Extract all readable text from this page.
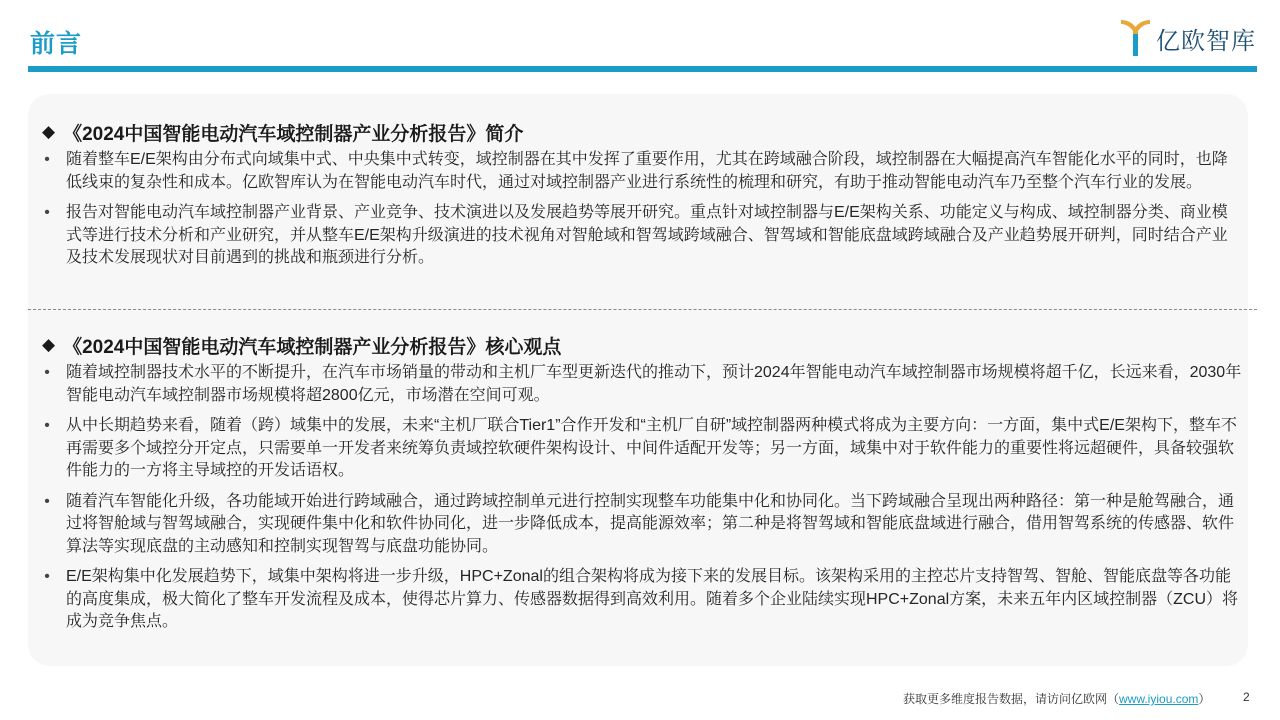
前言	亿欧智库
◆ 《2024中国智能电动汽车域控制器产业分析报告》简介
• 随着整车E/E架构由分布式向域集中式、中央集中式转变，域控制器在其中发挥了重要作用，尤其在跨域融合阶段，域控制器在大幅提高汽车智能化水平的同时，也降低线束的复杂性和成本。亿欧智库认为在智能电动汽车时代，通过对域控制器产业进行系统性的梳理和研究，有助于推动智能电动汽车乃至整个汽车行业的发展。
• 报告对智能电动汽车域控制器产业背景、产业竞争、技术演进以及发展趋势等展开研究。重点针对域控制器与E/E架构关系、功能定义与构成、域控制器分类、商业模式等进行技术分析和产业研究，并从整车E/E架构升级演进的技术视角对智舱域和智驾域跨域融合、智驾域和智能底盘域跨域融合及产业趋势展开研判，同时结合产业及技术发展现状对目前遇到的挑战和瓶颈进行分析。
◆ 《2024中国智能电动汽车域控制器产业分析报告》核心观点
• 随着域控制器技术水平的不断提升，在汽车市场销量的带动和主机厂车型更新迭代的推动下，预计2024年智能电动汽车域控制器市场规模将超千亿，长远来看，2030年智能电动汽车域控制器市场规模将超2800亿元，市场潜在空间可观。
• 从中长期趋势来看，随着（跨）域集中的发展，未来“主机厂联合Tier1”合作开发和“主机厂自研”域控制器两种模式将成为主要方向：一方面，集中式E/E架构下，整车不再需要多个域控分开定点，只需要单一开发者来统筹负责域控软硬件架构设计、中间件适配开发等；另一方面，域集中对于软件能力的重要性将远超硬件，具备较强软件能力的一方将主导域控的开发话语权。
• 随着汽车智能化升级，各功能域开始进行跨域融合，通过跨域控制单元进行控制实现整车功能集中化和协同化。当下跨域融合呈现出两种路径：第一种是舱驾融合，通过将智舱域与智驾域融合，实现硬件集中化和软件协同化，进一步降低成本，提高能源效率；第二种是将智驾域和智能底盘域进行融合，借用智驾系统的传感器、软件算法等实现底盘的主动感知和控制实现智驾与底盘功能协同。
• E/E架构集中化发展趋势下，域集中架构将进一步升级，HPC+Zonal的组合架构将成为接下来的发展目标。该架构采用的主控芯片支持智驾、智舱、智能底盘等各功能的高度集成，极大简化了整车开发流程及成本，使得芯片算力、传感器数据得到高效利用。随着多个企业陆续实现HPC+Zonal方案，未来五年内区域控制器（ZCU）将成为竞争焦点。
获取更多维度报告数据，请访问亿欧网（www.iyiou.com）	2
